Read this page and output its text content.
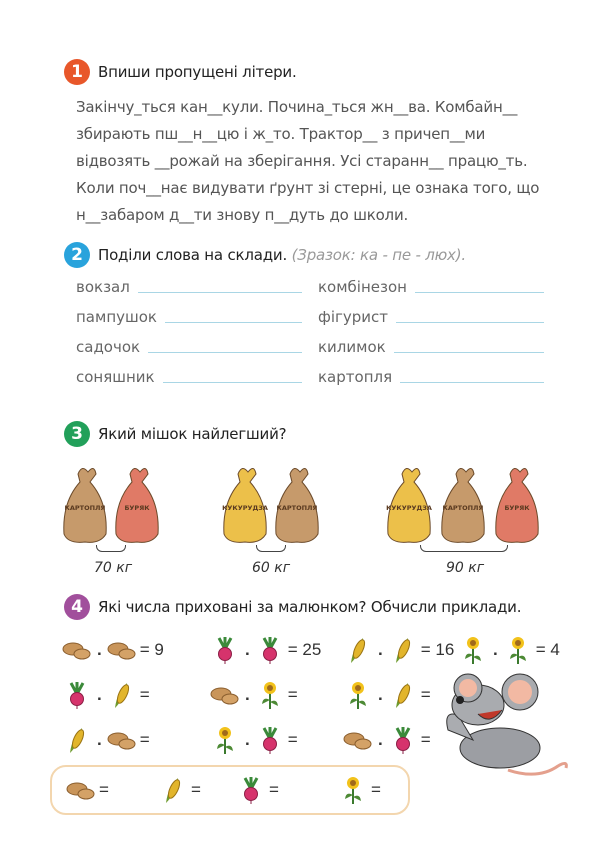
1	Впиши пропущені літери.
Закінчу_ться кан__кули. Почина_ться жн__ва. Комбайн__
збирають пш__н__цю і ж_то. Трактор__ з причеп__ми
відвозять __рожай на зберігання. Усі старанн__ працю_ть.
Коли поч__нає видувати ґрунт зі стерні, це ознака того, що
н__забаром д__ти знову п__дуть до школи.
2	Поділи слова на склади. (Зразок: ка - пе - люх).
вокзал
пампушок
садочок
соняшник
комбінезон
фігурист
килимок
картопля
3	Який мішок найлегший?
КАРТОПЛЯ	БУРЯК	КУКУРУДЗА	КАРТОПЛЯ	КУКУРУДЗА	КАРТОПЛЯ	БУРЯК
70 кг	60 кг	90 кг
4	Які числа приховані за малюнком? Обчисли приклади.
. = 9	. = 25	. = 16 . = 4
. =	. =	. =
. =	. =	. =
=	=	=	=
